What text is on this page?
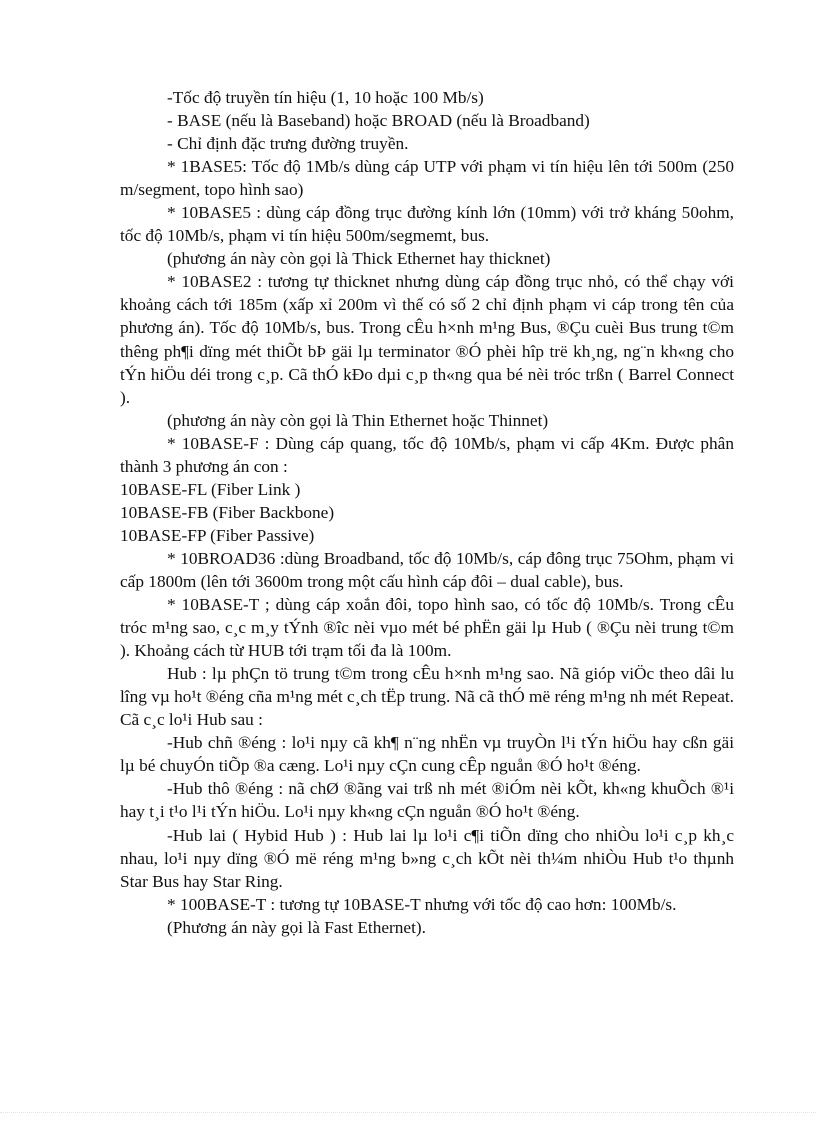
-Tốc độ truyền tín hiệu (1, 10 hoặc 100 Mb/s)

- BASE (nếu là Baseband) hoặc BROAD (nếu là Broadband)

- Chỉ định đặc trưng đường truyền.

* 1BASE5: Tốc độ 1Mb/s dùng cáp UTP với phạm vi tín hiệu lên tới 500m (250 m/segment, topo hình sao)

* 10BASE5 : dùng cáp đồng trục đường kính lớn (10mm) với trở kháng 50ohm, tốc độ 10Mb/s, phạm vi tín hiệu 500m/segmemt, bus.

(phương án này còn gọi là Thick Ethernet hay thicknet)

* 10BASE2 : tương tự thicknet nhưng dùng cáp đồng trục nhỏ, có thể chạy với khoảng cách tới 185m (xấp xỉ 200m vì thế có số 2 chỉ định phạm vi cáp trong tên của phương án). Tốc độ 10Mb/s, bus. Trong cÊu h×nh m¹ng Bus, ®Çu cuèi Bus trung t©m thêng ph¶i dïng mét thiÕt bÞ gäi lµ terminator ®Ó phèi hîp trë kh¸ng, ng¨n kh«ng cho tÝn hiÖu déi trong c¸p. Cã thÓ kÐo dµi c¸p th«ng qua bé nèi tróc trßn ( Barrel Connect ).

(phương án này còn gọi là Thin Ethernet hoặc Thinnet)

* 10BASE-F : Dùng cáp quang, tốc độ 10Mb/s, phạm vi cấp 4Km. Được phân thành 3 phương án con :

10BASE-FL (Fiber Link )

10BASE-FB (Fiber Backbone)

10BASE-FP (Fiber Passive)

* 10BROAD36 :dùng Broadband, tốc độ 10Mb/s, cáp đông trục 75Ohm, phạm vi cấp 1800m (lên tới 3600m trong một cấu hình cáp đôi – dual cable), bus.

* 10BASE-T ; dùng cáp xoắn đôi, topo hình sao, có tốc độ 10Mb/s. Trong cÊu tróc m¹ng sao, c¸c m¸y tÝnh ®îc nèi vµo mét bé phËn gäi lµ Hub ( ®Çu nèi trung t©m ). Khoảng cách từ HUB tới trạm tối đa là 100m.

Hub : lµ phÇn tö trung t©m trong cÊu h×nh m¹ng sao. Nã gióp viÖc theo dâi lu lîng vµ ho¹t ®éng cña m¹ng mét c¸ch tËp trung. Nã cã thÓ më réng m¹ng nh mét Repeat. Cã c¸c lo¹i Hub sau :

-Hub chñ ®éng : lo¹i nµy cã kh¶ n¨ng nhËn vµ truyÒn l¹i tÝn hiÖu hay cßn gäi lµ bé chuyÓn tiÕp ®a cæng. Lo¹i nµy cÇn cung cÊp nguån ®Ó ho¹t ®éng.

-Hub thô ®éng : nã chØ ®ãng vai trß nh mét ®iÓm nèi kÕt, kh«ng khuÕch ®¹i hay t¸i t¹o l¹i tÝn hiÖu. Lo¹i nµy kh«ng cÇn nguån ®Ó ho¹t ®éng.

-Hub lai ( Hybid Hub ) : Hub lai lµ lo¹i c¶i tiÕn dïng cho nhiÒu lo¹i c¸p kh¸c nhau, lo¹i nµy dïng ®Ó më réng m¹ng b»ng c¸ch kÕt nèi th¼m nhiÒu Hub t¹o thµnh Star Bus hay Star Ring.

* 100BASE-T : tương tự 10BASE-T nhưng với tốc độ cao hơn: 100Mb/s.

(Phương án này gọi là Fast Ethernet).
